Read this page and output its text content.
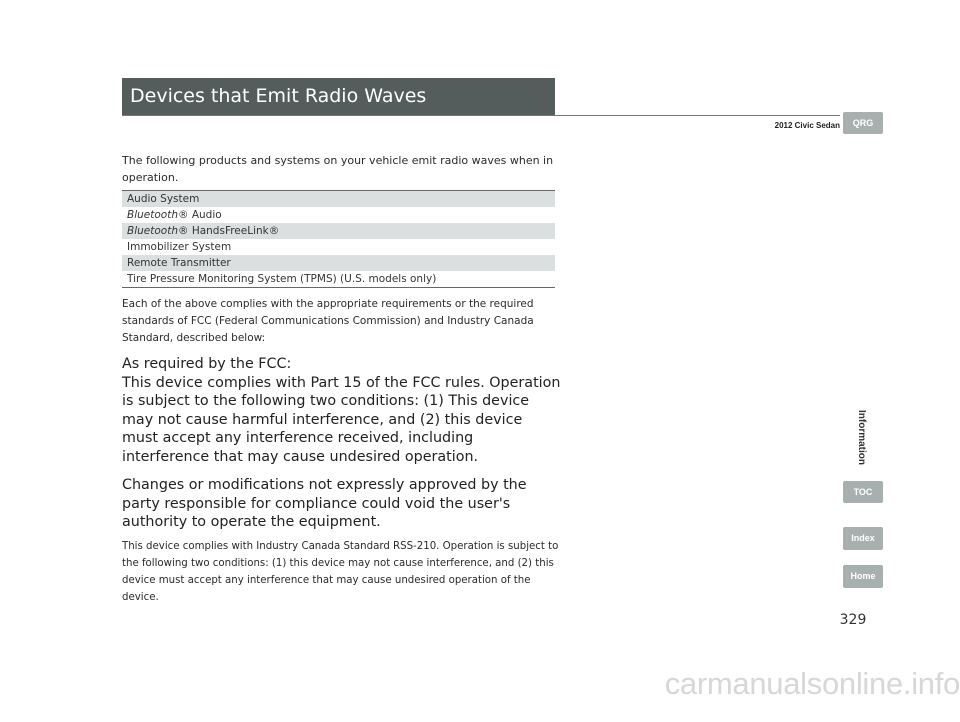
Devices that Emit Radio Waves
2012 Civic Sedan	QRG
Information
TOC
Index
Home
The following products and systems on your vehicle emit radio waves when in operation.
Audio System
Bluetooth® Audio
Bluetooth® HandsFreeLink®
Immobilizer System
Remote Transmitter
Tire Pressure Monitoring System (TPMS) (U.S. models only)
Each of the above complies with the appropriate requirements or the required standards of FCC (Federal Communications Commission) and Industry Canada Standard, described below:

As required by the FCC:

This device complies with Part 15 of the FCC rules. Operation is subject to the following two conditions: (1) This device may not cause harmful interference, and (2) this device must accept any interference received, including interference that may cause undesired operation.

Changes or modifications not expressly approved by the party responsible for compliance could void the user's authority to operate the equipment.

This device complies with Industry Canada Standard RSS-210. Operation is subject to the following two conditions: (1) this device may not cause interference, and (2) this device must accept any interference that may cause undesired operation of the device.
329
carmanualsonline.info
